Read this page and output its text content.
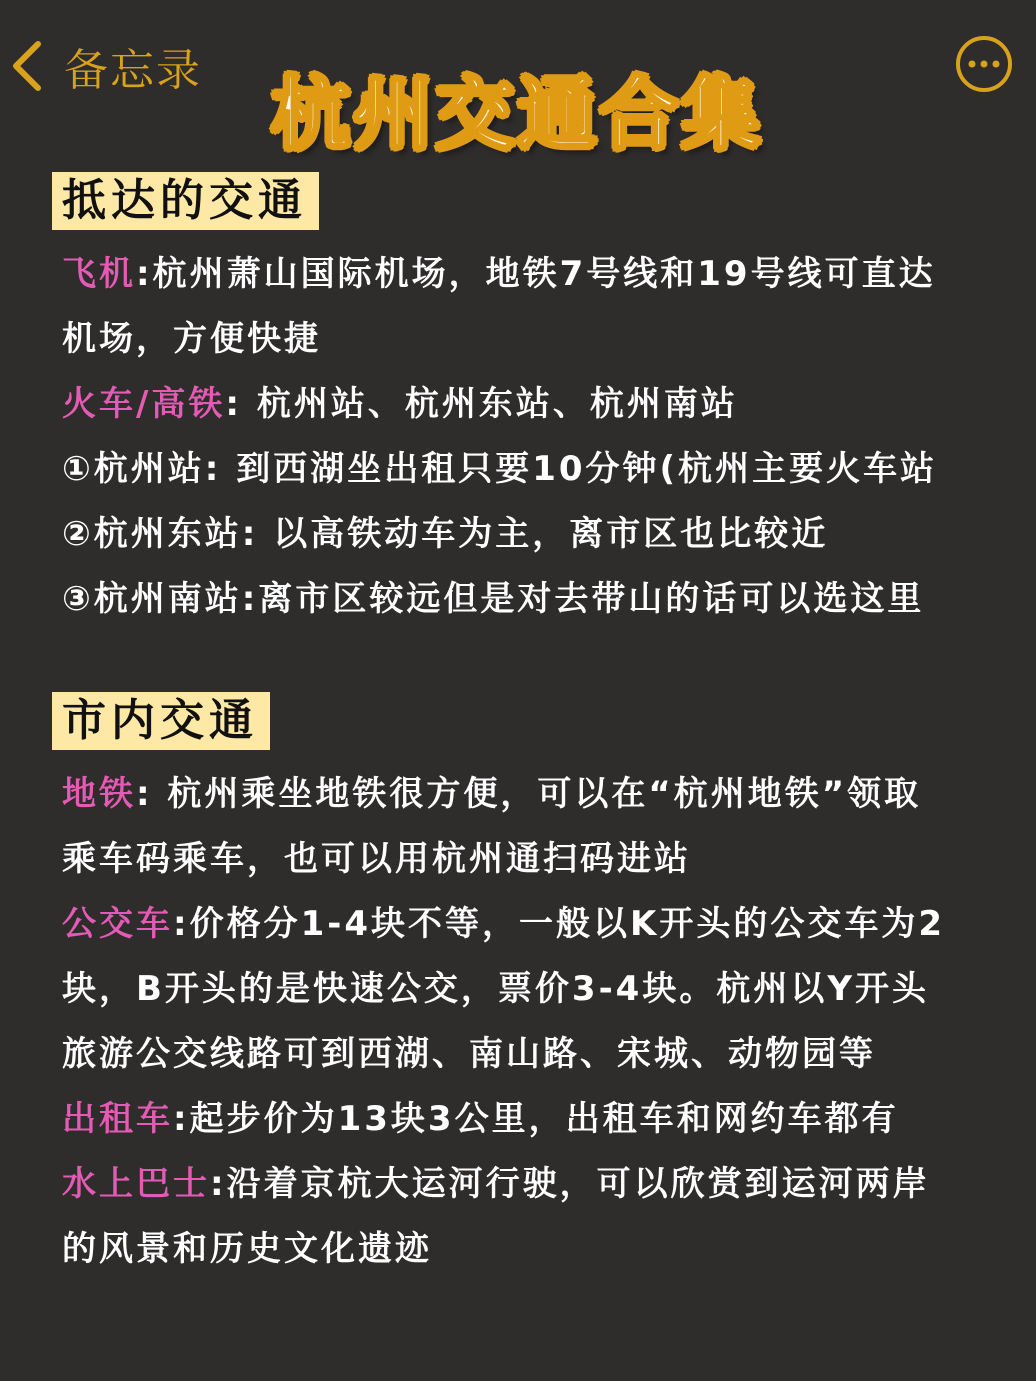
备忘录 杭州交通合集
抵达的交通
飞机:杭州萧山国际机场，地铁7号线和19号线可直达
机场，方便快捷
火车/高铁: 杭州站、杭州东站、杭州南站
①杭州站: 到西湖坐出租只要10分钟(杭州主要火车站
②杭州东站: 以高铁动车为主，离市区也比较近
③杭州南站:离市区较远但是对去带山的话可以选这里
市内交通
地铁: 杭州乘坐地铁很方便，可以在“杭州地铁”领取
乘车码乘车，也可以用杭州通扫码进站
公交车:价格分1-4块不等，一般以K开头的公交车为2
块，B开头的是快速公交，票价3-4块。杭州以Y开头
旅游公交线路可到西湖、南山路、宋城、动物园等
出租车:起步价为13块3公里，出租车和网约车都有
水上巴士:沿着京杭大运河行驶，可以欣赏到运河两岸
的风景和历史文化遗迹
